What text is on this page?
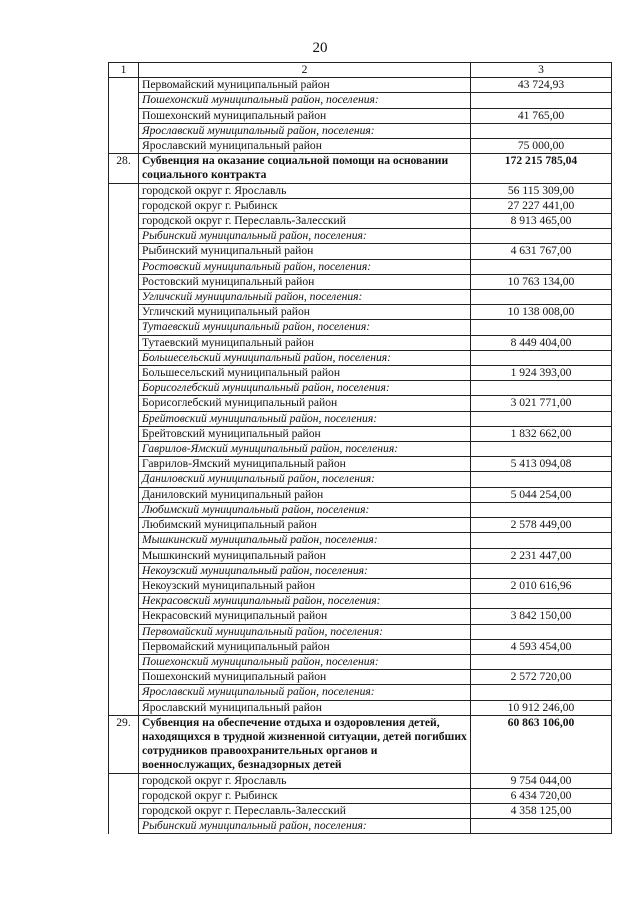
20
1	2	3
	Первомайский муниципальный район	43 724,93
	Пошехонский муниципальный район, поселения:	
	Пошехонский муниципальный район	41 765,00
	Ярославский муниципальный район, поселения:	
	Ярославский муниципальный район	75 000,00
28.	Субвенция на оказание социальной помощи на основании социального контракта	172 215 785,04
	городской округ г. Ярославль	56 115 309,00
	городской округ г. Рыбинск	27 227 441,00
	городской округ г. Переславль-Залесский	8 913 465,00
	Рыбинский муниципальный район, поселения:	
	Рыбинский муниципальный район	4 631 767,00
	Ростовский муниципальный район, поселения:	
	Ростовский муниципальный район	10 763 134,00
	Угличский муниципальный район, поселения:	
	Угличский муниципальный район	10 138 008,00
	Тутаевский муниципальный район, поселения:	
	Тутаевский муниципальный район	8 449 404,00
	Большесельский муниципальный район, поселения:	
	Большесельский муниципальный район	1 924 393,00
	Борисоглебский муниципальный район, поселения:	
	Борисоглебский муниципальный район	3 021 771,00
	Брейтовский муниципальный район, поселения:	
	Брейтовский муниципальный район	1 832 662,00
	Гаврилов-Ямский муниципальный район, поселения:	
	Гаврилов-Ямский муниципальный район	5 413 094,08
	Даниловский муниципальный район, поселения:	
	Даниловский муниципальный район	5 044 254,00
	Любимский муниципальный район, поселения:	
	Любимский муниципальный район	2 578 449,00
	Мышкинский муниципальный район, поселения:	
	Мышкинский муниципальный район	2 231 447,00
	Некоузский муниципальный район, поселения:	
	Некоузский муниципальный район	2 010 616,96
	Некрасовский муниципальный район, поселения:	
	Некрасовский муниципальный район	3 842 150,00
	Первомайский муниципальный район, поселения:	
	Первомайский муниципальный район	4 593 454,00
	Пошехонский муниципальный район, поселения:	
	Пошехонский муниципальный район	2 572 720,00
	Ярославский муниципальный район, поселения:	
	Ярославский муниципальный район	10 912 246,00
29.	Субвенция на обеспечение отдыха и оздоровления детей, находящихся в трудной жизненной ситуации, детей погибших сотрудников правоохранительных органов и военнослужащих, безнадзорных детей	60 863 106,00
	городской округ г. Ярославль	9 754 044,00
	городской округ г. Рыбинск	6 434 720,00
	городской округ г. Переславль-Залесский	4 358 125,00
	Рыбинский муниципальный район, поселения:	
